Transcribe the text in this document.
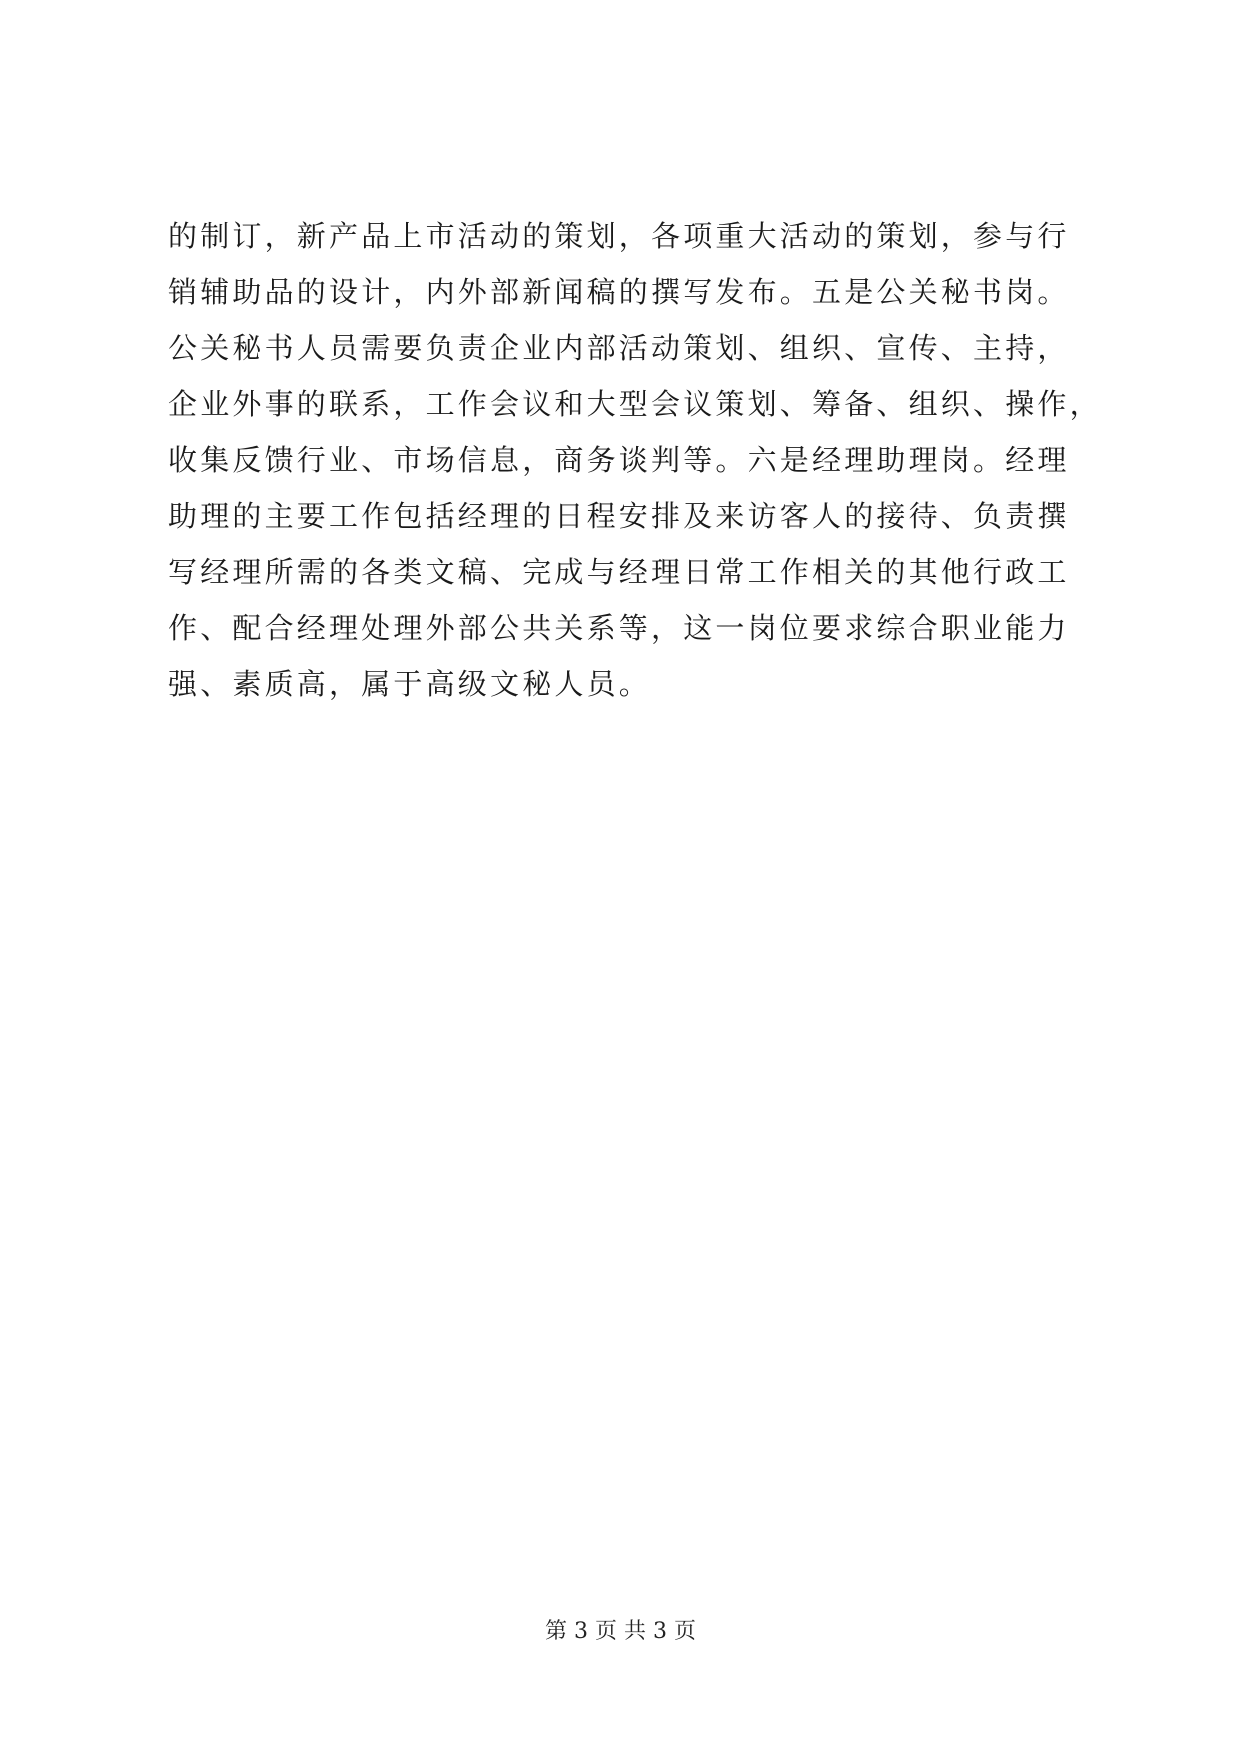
的制订，新产品上市活动的策划，各项重大活动的策划，参与行
销辅助品的设计，内外部新闻稿的撰写发布。五是公关秘书岗。
公关秘书人员需要负责企业内部活动策划、组织、宣传、主持，
企业外事的联系，工作会议和大型会议策划、筹备、组织、操作，
收集反馈行业、市场信息，商务谈判等。六是经理助理岗。经理
助理的主要工作包括经理的日程安排及来访客人的接待、负责撰
写经理所需的各类文稿、完成与经理日常工作相关的其他行政工
作、配合经理处理外部公共关系等，这一岗位要求综合职业能力
强、素质高，属于高级文秘人员。
第 3 页 共 3 页
